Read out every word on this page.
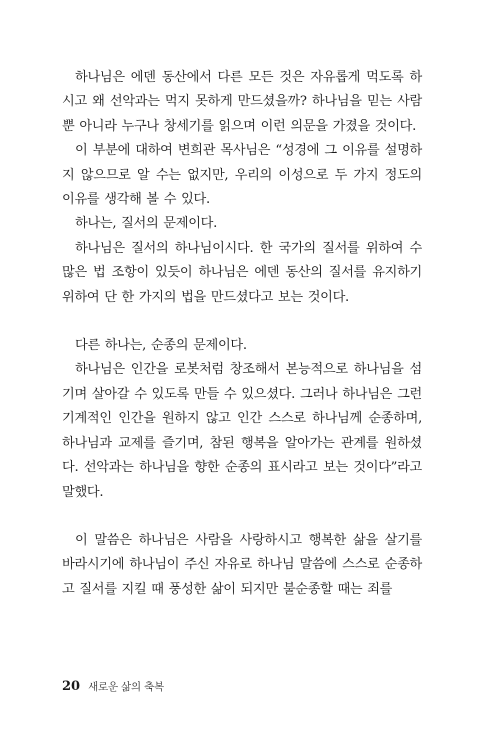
하나님은 에덴 동산에서 다른 모든 것은 자유롭게 먹도록 하시고 왜 선악과는 먹지 못하게 만드셨을까? 하나님을 믿는 사람뿐 아니라 누구나 창세기를 읽으며 이런 의문을 가졌을 것이다.

이 부분에 대하여 변희관 목사님은 “성경에 그 이유를 설명하지 않으므로 알 수는 없지만, 우리의 이성으로 두 가지 정도의 이유를 생각해 볼 수 있다.

하나는, 질서의 문제이다.

하나님은 질서의 하나님이시다. 한 국가의 질서를 위하여 수많은 법 조항이 있듯이 하나님은 에덴 동산의 질서를 유지하기 위하여 단 한 가지의 법을 만드셨다고 보는 것이다.

다른 하나는, 순종의 문제이다.

하나님은 인간을 로봇처럼 창조해서 본능적으로 하나님을 섬기며 살아갈 수 있도록 만들 수 있으셨다. 그러나 하나님은 그런 기계적인 인간을 원하지 않고 인간 스스로 하나님께 순종하며, 하나님과 교제를 즐기며, 참된 행복을 알아가는 관계를 원하셨다. 선악과는 하나님을 향한 순종의 표시라고 보는 것이다”라고 말했다.

이 말씀은 하나님은 사람을 사랑하시고 행복한 삶을 살기를 바라시기에 하나님이 주신 자유로 하나님 말씀에 스스로 순종하고 질서를 지킬 때 풍성한 삶이 되지만 불순종할 때는 죄를

20 새로운 삶의 축복
